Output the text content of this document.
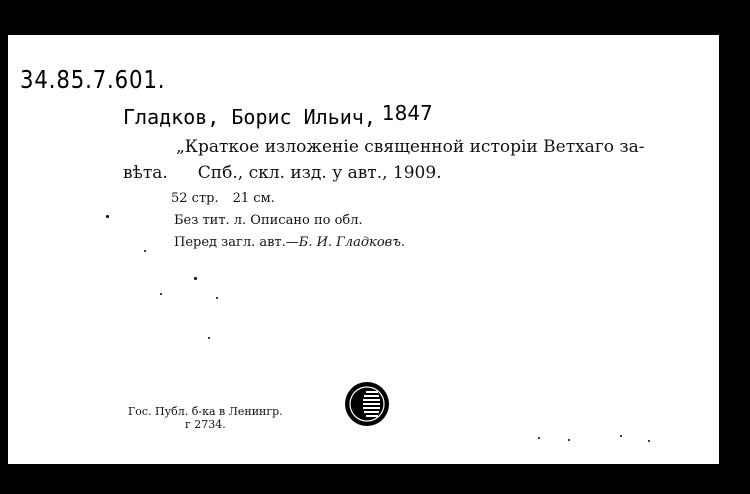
34.85.7.601.
Гладков, Борис Ильич, 1847
„Краткое изложеніе священной исторіи Ветхаго за-
вѣта. Спб., скл. изд. у авт., 1909.
52 стр. 21 см.
Без тит. л. Описано по обл.
Перед загл. авт.—Б. И. Гладковъ.
Гос. Публ. б-ка в Ленингр.
г 2734.
